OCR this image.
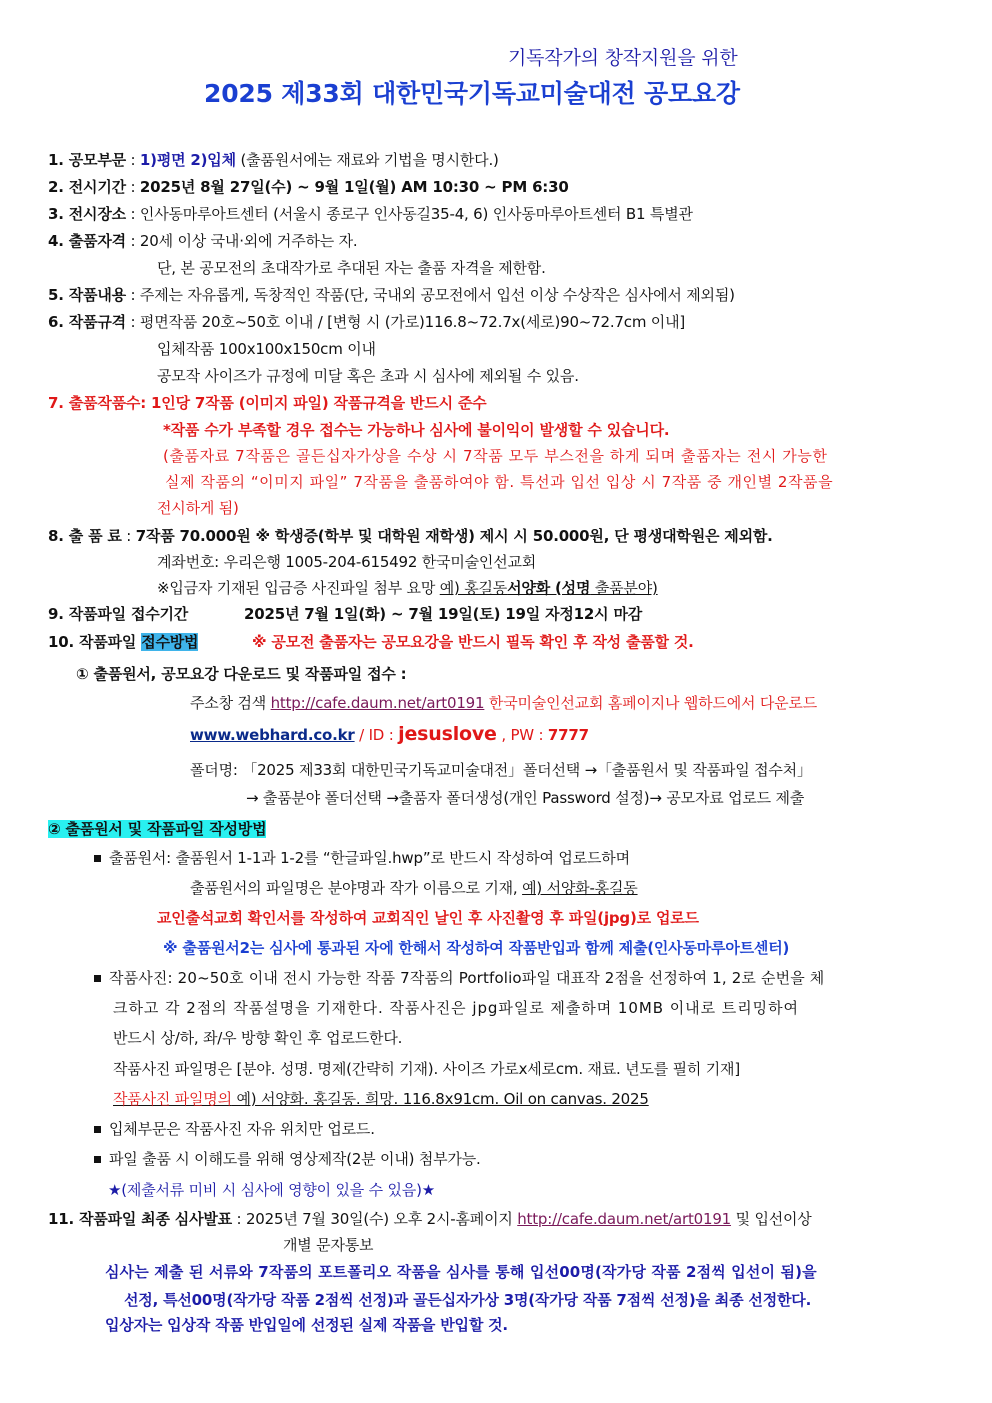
기독작가의 창작지원을 위한
2025 제33회 대한민국기독교미술대전 공모요강
1. 공모부문 : 1)평면 2)입체 (출품원서에는 재료와 기법을 명시한다.)
2. 전시기간 : 2025년 8월 27일(수) ~ 9월 1일(월) AM 10:30 ~ PM 6:30
3. 전시장소 : 인사동마루아트센터 (서울시 종로구 인사동길35-4, 6) 인사동마루아트센터 B1 특별관
4. 출품자격 : 20세 이상 국내·외에 거주하는 자.
단, 본 공모전의 초대작가로 추대된 자는 출품 자격을 제한함.
5. 작품내용 : 주제는 자유롭게, 독창적인 작품(단, 국내외 공모전에서 입선 이상 수상작은 심사에서 제외됨)
6. 작품규격 : 평면작품 20호~50호 이내 / [변형 시 (가로)116.8~72.7x(세로)90~72.7cm 이내]
입체작품 100x100x150cm 이내
공모작 사이즈가 규정에 미달 혹은 초과 시 심사에 제외될 수 있음.
7. 출품작품수: 1인당 7작품 (이미지 파일) 작품규격을 반드시 준수
*작품 수가 부족할 경우 접수는 가능하나 심사에 불이익이 발생할 수 있습니다.
(출품자료 7작품은 골든십자가상을 수상 시 7작품 모두 부스전을 하게 되며 출품자는 전시 가능한
실제 작품의 “이미지 파일” 7작품을 출품하여야 함. 특선과 입선 입상 시 7작품 중 개인별 2작품을
전시하게 됨)
8. 출 품 료 : 7작품 70.000원 ※ 학생증(학부 및 대학원 재학생) 제시 시 50.000원, 단 평생대학원은 제외함.
계좌번호: 우리은행 1005-204-615492 한국미술인선교회
※입금자 기재된 입금증 사진파일 첨부 요망 예) 홍길동서양화 (성명 출품분야)
9. 작품파일 접수기간	2025년 7월 1일(화) ~ 7월 19일(토) 19일 자정12시 마감
10. 작품파일 접수방법	※ 공모전 출품자는 공모요강을 반드시 필독 확인 후 작성 출품할 것.
① 출품원서, 공모요강 다운로드 및 작품파일 접수 :
주소창 검색 http://cafe.daum.net/art0191 한국미술인선교회 홈페이지나 웹하드에서 다운로드
www.webhard.co.kr / ID : jesuslove , PW : 7777
폴더명: 「2025 제33회 대한민국기독교미술대전」폴더선택 →「출품원서 및 작품파일 접수처」
→ 출품분야 폴더선택 →출품자 폴더생성(개인 Password 설정)→ 공모자료 업로드 제출
② 출품원서 및 작품파일 작성방법
출품원서: 출품원서 1-1과 1-2를 “한글파일.hwp”로 반드시 작성하여 업로드하며
출품원서의 파일명은 분야명과 작가 이름으로 기재, 예) 서양화-홍길동
교인출석교회 확인서를 작성하여 교회직인 날인 후 사진촬영 후 파일(jpg)로 업로드
※ 출품원서2는 심사에 통과된 자에 한해서 작성하여 작품반입과 함께 제출(인사동마루아트센터)
작품사진: 20~50호 이내 전시 가능한 작품 7작품의 Portfolio파일 대표작 2점을 선정하여 1, 2로 순번을 체
크하고 각 2점의 작품설명을 기재한다. 작품사진은 jpg파일로 제출하며 10MB 이내로 트리밍하여
반드시 상/하, 좌/우 방향 확인 후 업로드한다.
작품사진 파일명은 [분야. 성명. 명제(간략히 기재). 사이즈 가로x세로cm. 재료. 년도를 필히 기재]
작품사진 파일명의 예) 서양화. 홍길동. 희망. 116.8x91cm. Oil on canvas. 2025
입체부문은 작품사진 자유 위치만 업로드.
파일 출품 시 이해도를 위해 영상제작(2분 이내) 첨부가능.
★(제출서류 미비 시 심사에 영향이 있을 수 있음)★
11. 작품파일 최종 심사발표 : 2025년 7월 30일(수) 오후 2시-홈페이지 http://cafe.daum.net/art0191 및 입선이상
개별 문자통보
심사는 제출 된 서류와 7작품의 포트폴리오 작품을 심사를 통해 입선00명(작가당 작품 2점씩 입선이 됨)을
선정, 특선00명(작가당 작품 2점씩 선정)과 골든십자가상 3명(작가당 작품 7점씩 선정)을 최종 선정한다.
입상자는 입상작 작품 반입일에 선정된 실제 작품을 반입할 것.
